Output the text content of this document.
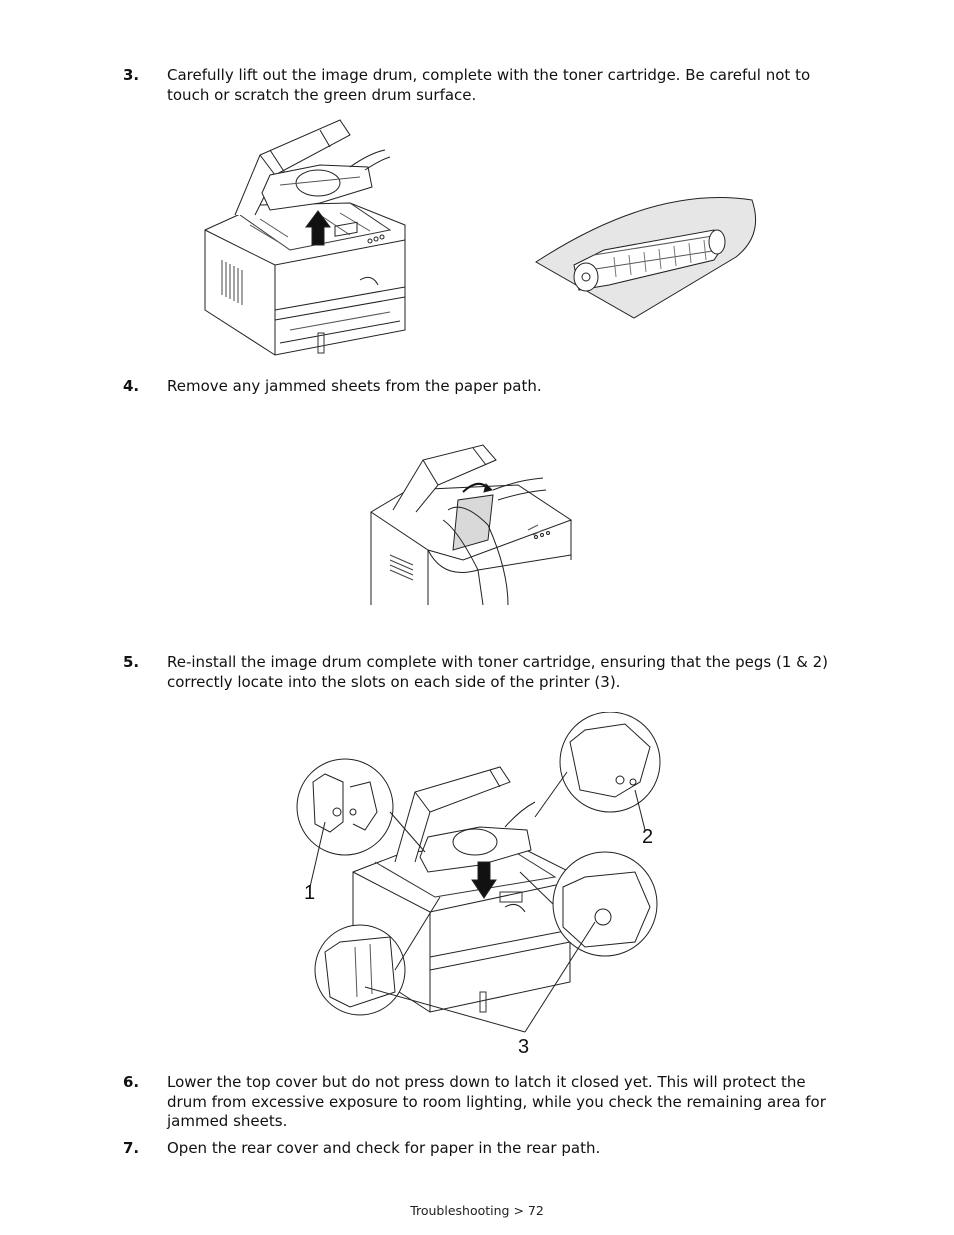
3. Carefully lift out the image drum, complete with the toner cartridge. Be careful not to touch or scratch the green drum surface.
4. Remove any jammed sheets from the paper path.
5. Re-install the image drum complete with toner cartridge, ensuring that the pegs (1 & 2) correctly locate into the slots on each side of the printer (3).
1
2
3
6. Lower the top cover but do not press down to latch it closed yet. This will protect the drum from excessive exposure to room lighting, while you check the remaining area for jammed sheets.
7. Open the rear cover and check for paper in the rear path.
Troubleshooting > 72
